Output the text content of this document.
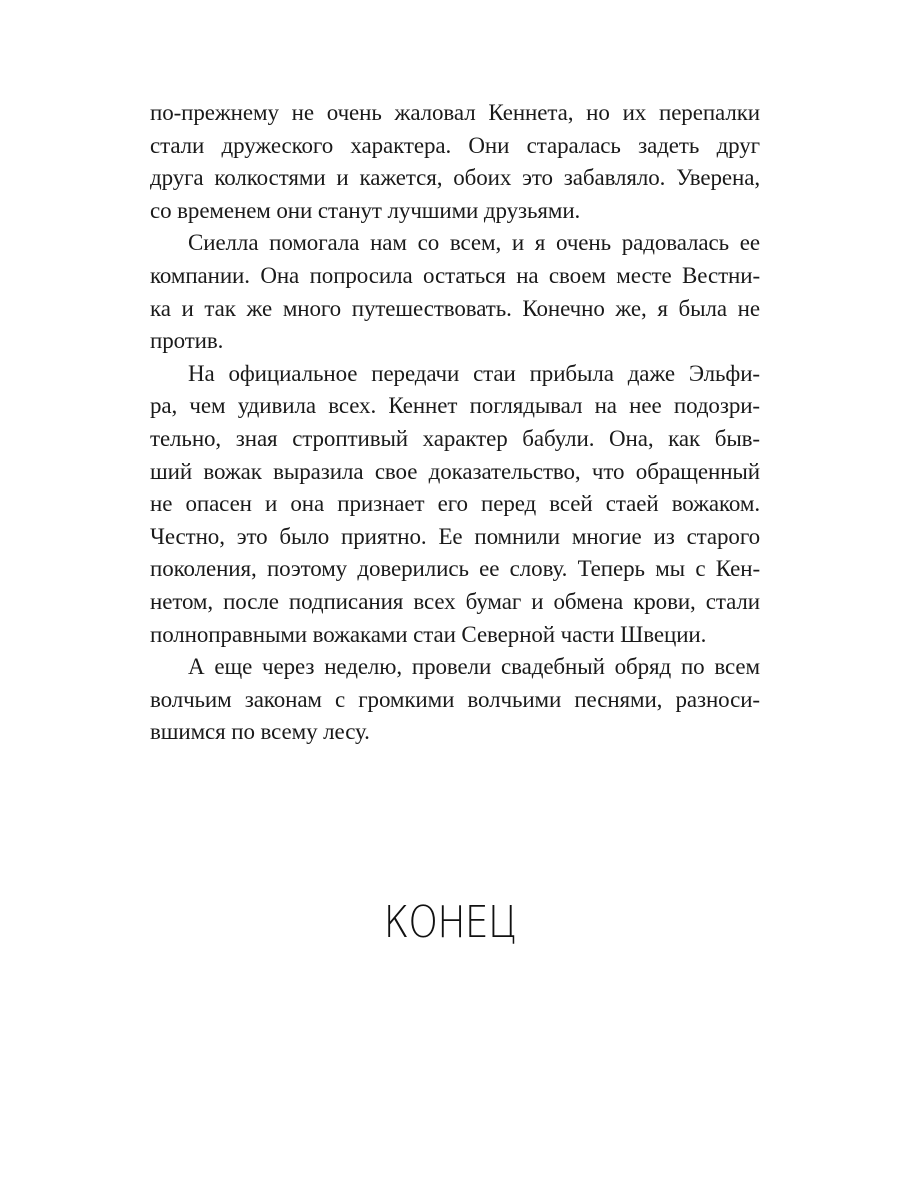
по-прежнему не очень жаловал Кеннета, но их перепалки
стали дружеского характера. Они старалась задеть друг
друга колкостями и кажется, обоих это забавляло. Уверена,
со временем они станут лучшими друзьями.
Сиелла помогала нам со всем, и я очень радовалась ее
компании. Она попросила остаться на своем месте Вестни-
ка и так же много путешествовать. Конечно же, я была не
против.
На официальное передачи стаи прибыла даже Эльфи-
ра, чем удивила всех. Кеннет поглядывал на нее подозри-
тельно, зная строптивый характер бабули. Она, как быв-
ший вожак выразила свое доказательство, что обращенный
не опасен и она признает его перед всей стаей вожаком.
Честно, это было приятно. Ее помнили многие из старого
поколения, поэтому доверились ее слову. Теперь мы с Кен-
нетом, после подписания всех бумаг и обмена крови, стали
полноправными вожаками стаи Северной части Швеции.
А еще через неделю, провели свадебный обряд по всем
волчьим законам с громкими волчьими песнями, разноси-
вшимся по всему лесу.
КОНЕЦ
